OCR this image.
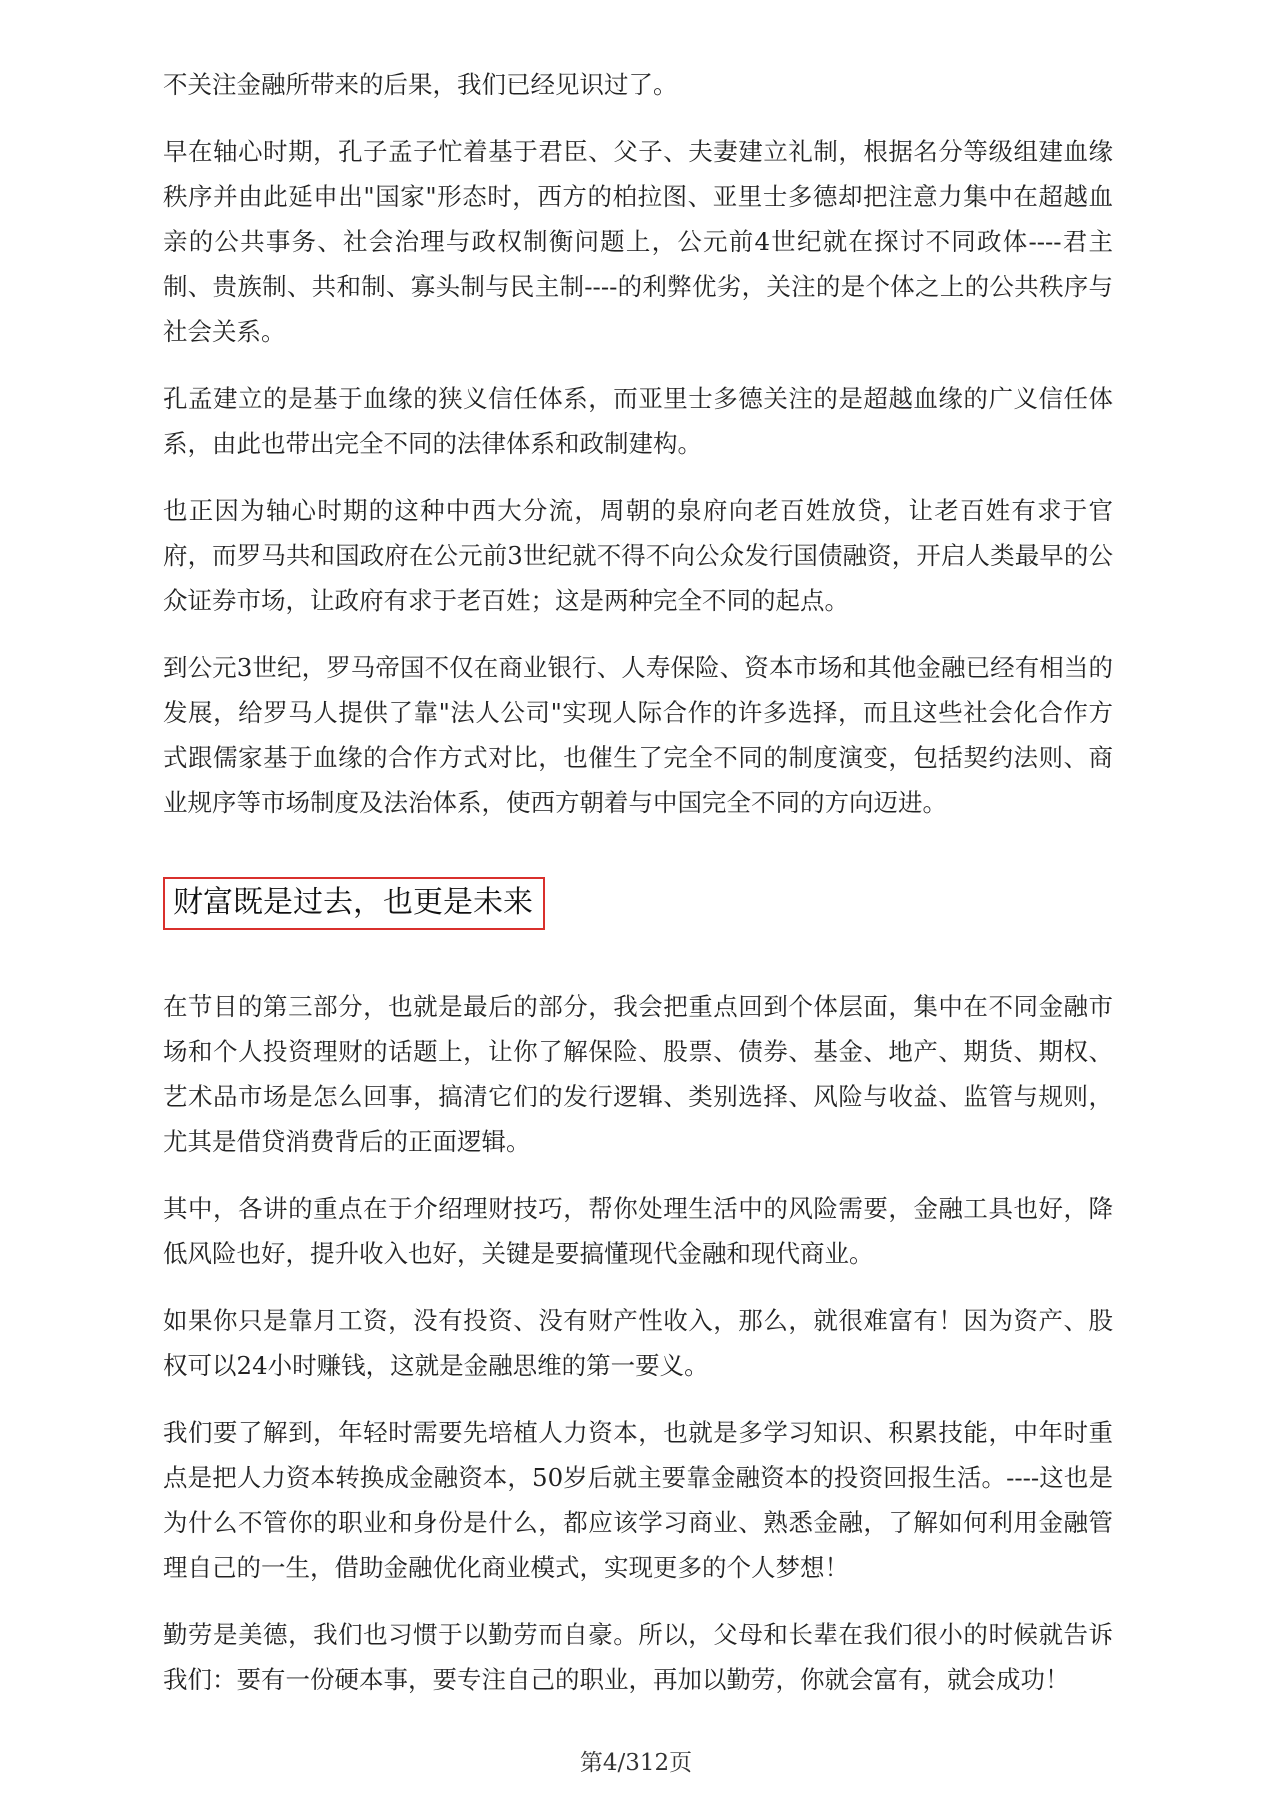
不关注金融所带来的后果，我们已经见识过了。

早在轴心时期，孔子孟子忙着基于君臣、父子、夫妻建立礼制，根据名分等级组建血缘秩序并由此延申出"国家"形态时，西方的柏拉图、亚里士多德却把注意力集中在超越血亲的公共事务、社会治理与政权制衡问题上，公元前4世纪就在探讨不同政体----君主制、贵族制、共和制、寡头制与民主制----的利弊优劣，关注的是个体之上的公共秩序与社会关系。

孔孟建立的是基于血缘的狭义信任体系，而亚里士多德关注的是超越血缘的广义信任体系，由此也带出完全不同的法律体系和政制建构。

也正因为轴心时期的这种中西大分流，周朝的泉府向老百姓放贷，让老百姓有求于官府，而罗马共和国政府在公元前3世纪就不得不向公众发行国债融资，开启人类最早的公众证券市场，让政府有求于老百姓；这是两种完全不同的起点。

到公元3世纪，罗马帝国不仅在商业银行、人寿保险、资本市场和其他金融已经有相当的发展，给罗马人提供了靠"法人公司"实现人际合作的许多选择，而且这些社会化合作方式跟儒家基于血缘的合作方式对比，也催生了完全不同的制度演变，包括契约法则、商业规序等市场制度及法治体系，使西方朝着与中国完全不同的方向迈进。

财富既是过去，也更是未来

在节目的第三部分，也就是最后的部分，我会把重点回到个体层面，集中在不同金融市场和个人投资理财的话题上，让你了解保险、股票、债券、基金、地产、期货、期权、艺术品市场是怎么回事，搞清它们的发行逻辑、类别选择、风险与收益、监管与规则，尤其是借贷消费背后的正面逻辑。

其中，各讲的重点在于介绍理财技巧，帮你处理生活中的风险需要，金融工具也好，降低风险也好，提升收入也好，关键是要搞懂现代金融和现代商业。

如果你只是靠月工资，没有投资、没有财产性收入，那么，就很难富有！因为资产、股权可以24小时赚钱，这就是金融思维的第一要义。

我们要了解到，年轻时需要先培植人力资本，也就是多学习知识、积累技能，中年时重点是把人力资本转换成金融资本，50岁后就主要靠金融资本的投资回报生活。----这也是为什么不管你的职业和身份是什么，都应该学习商业、熟悉金融，了解如何利用金融管理自己的一生，借助金融优化商业模式，实现更多的个人梦想！

勤劳是美德，我们也习惯于以勤劳而自豪。所以，父母和长辈在我们很小的时候就告诉我们：要有一份硬本事，要专注自己的职业，再加以勤劳，你就会富有，就会成功！

第4/312页
